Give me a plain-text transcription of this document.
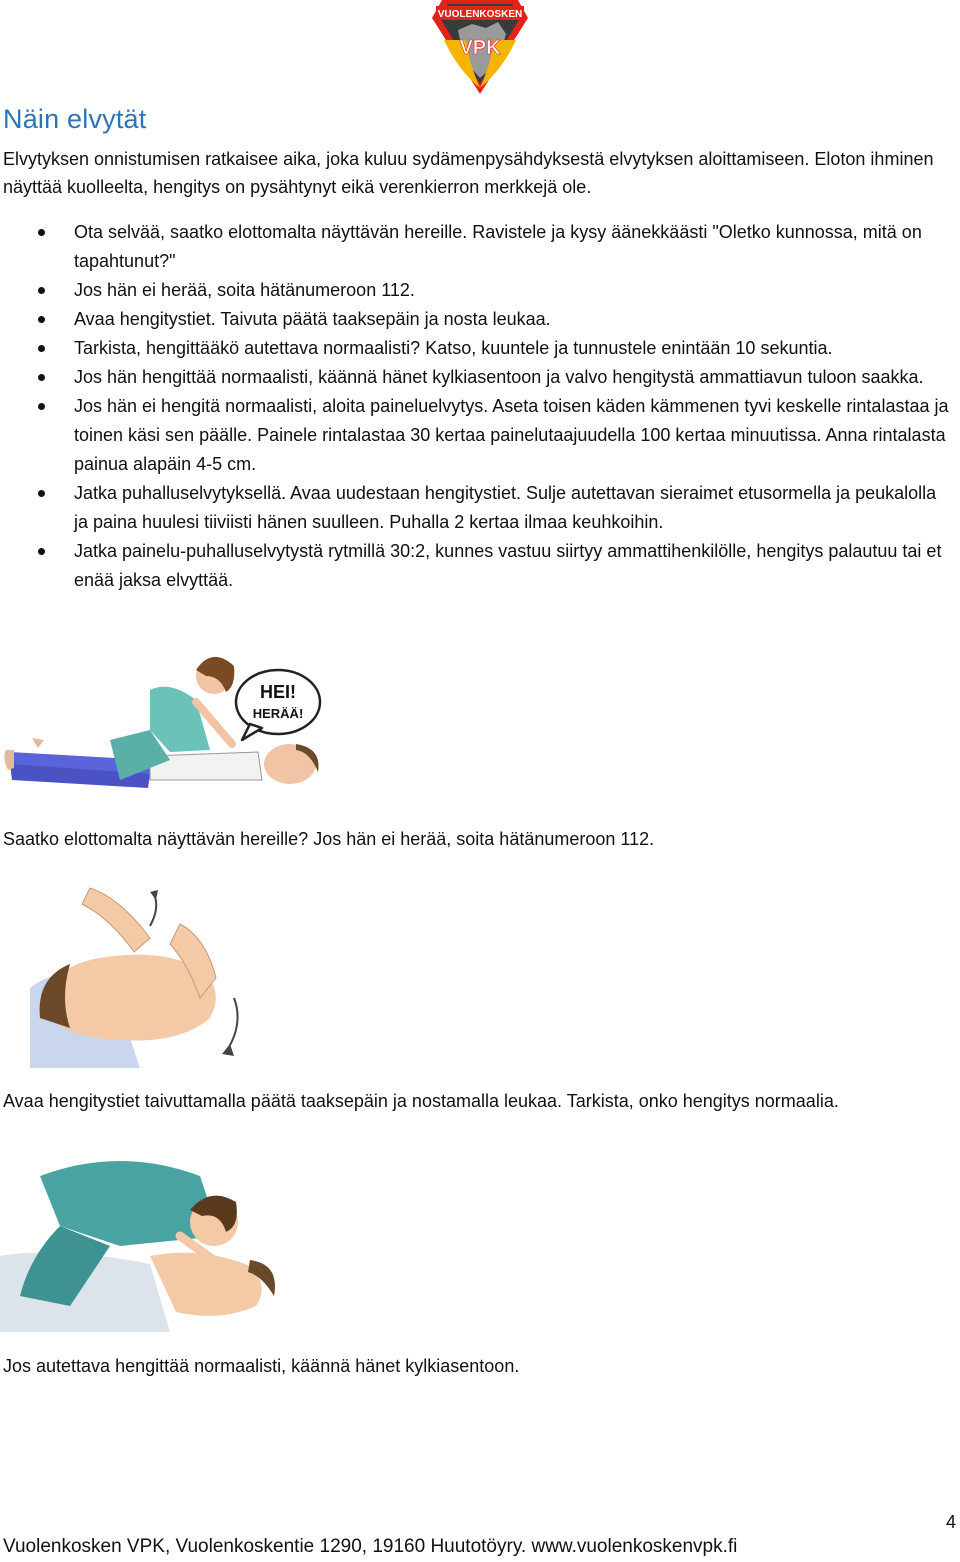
VUOLENKOSKEN
VPK
Näin elvytät

Elvytyksen onnistumisen ratkaisee aika, joka kuluu sydämenpysähdyksestä elvytyksen aloittamiseen. Eloton ihminen näyttää kuolleelta, hengitys on pysähtynyt eikä verenkierron merkkejä ole.

Ota selvää, saatko elottomalta näyttävän hereille. Ravistele ja kysy äänekkäästi "Oletko kunnossa, mitä on tapahtunut?"
Jos hän ei herää, soita hätänumeroon 112.
Avaa hengitystiet. Taivuta päätä taaksepäin ja nosta leukaa.
Tarkista, hengittääkö autettava normaalisti? Katso, kuuntele ja tunnustele enintään 10 sekuntia.
Jos hän hengittää normaalisti, käännä hänet kylkiasentoon ja valvo hengitystä ammattiavun tuloon saakka.
Jos hän ei hengitä normaalisti, aloita paineluelvytys. Aseta toisen käden kämmenen tyvi keskelle rintalastaa ja toinen käsi sen päälle. Painele rintalastaa 30 kertaa painelutaajuudella 100 kertaa minuutissa. Anna rintalasta painua alapäin 4-5 cm.
Jatka puhalluselvytyksellä. Avaa uudestaan hengitystiet. Sulje autettavan sieraimet etusormella ja peukalolla ja paina huulesi tiiviisti hänen suulleen. Puhalla 2 kertaa ilmaa keuhkoihin.
Jatka painelu-puhalluselvytystä rytmillä 30:2, kunnes vastuu siirtyy ammattihenkilölle, hengitys palautuu tai et enää jaksa elvyttää.
HEI!
HERÄÄ!

Saatko elottomalta näyttävän hereille? Jos hän ei herää, soita hätänumeroon 112.

Avaa hengitystiet taivuttamalla päätä taaksepäin ja nostamalla leukaa. Tarkista, onko hengitys normaalia.

Jos autettava hengittää normaalisti, käännä hänet kylkiasentoon.

4

Vuolenkosken VPK, Vuolenkoskentie 1290, 19160 Huutotöyry. www.vuolenkoskenvpk.fi
